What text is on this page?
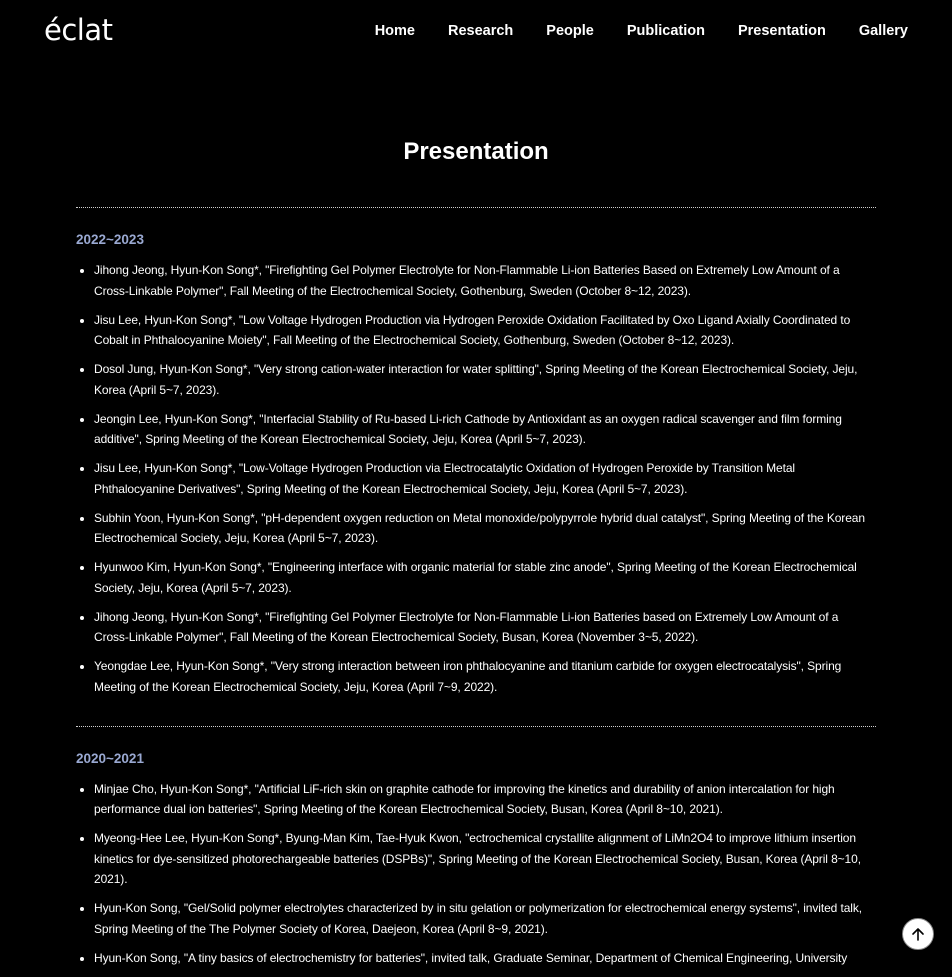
éclat	Home Research People Publication Presentation Gallery
Presentation
2022~2023
• Jihong Jeong, Hyun-Kon Song*, "Firefighting Gel Polymer Electrolyte for Non-Flammable Li-ion Batteries Based on Extremely Low Amount of a Cross-Linkable Polymer", Fall Meeting of the Electrochemical Society, Gothenburg, Sweden (October 8~12, 2023).
• Jisu Lee, Hyun-Kon Song*, "Low Voltage Hydrogen Production via Hydrogen Peroxide Oxidation Facilitated by Oxo Ligand Axially Coordinated to Cobalt in Phthalocyanine Moiety", Fall Meeting of the Electrochemical Society, Gothenburg, Sweden (October 8~12, 2023).
• Dosol Jung, Hyun-Kon Song*, "Very strong cation-water interaction for water splitting", Spring Meeting of the Korean Electrochemical Society, Jeju, Korea (April 5~7, 2023).
• Jeongin Lee, Hyun-Kon Song*, "Interfacial Stability of Ru-based Li-rich Cathode by Antioxidant as an oxygen radical scavenger and film forming additive", Spring Meeting of the Korean Electrochemical Society, Jeju, Korea (April 5~7, 2023).
• Jisu Lee, Hyun-Kon Song*, "Low-Voltage Hydrogen Production via Electrocatalytic Oxidation of Hydrogen Peroxide by Transition Metal Phthalocyanine Derivatives", Spring Meeting of the Korean Electrochemical Society, Jeju, Korea (April 5~7, 2023).
• Subhin Yoon, Hyun-Kon Song*, "pH-dependent oxygen reduction on Metal monoxide/polypyrrole hybrid dual catalyst", Spring Meeting of the Korean Electrochemical Society, Jeju, Korea (April 5~7, 2023).
• Hyunwoo Kim, Hyun-Kon Song*, "Engineering interface with organic material for stable zinc anode", Spring Meeting of the Korean Electrochemical Society, Jeju, Korea (April 5~7, 2023).
• Jihong Jeong, Hyun-Kon Song*, "Firefighting Gel Polymer Electrolyte for Non-Flammable Li-ion Batteries based on Extremely Low Amount of a Cross-Linkable Polymer", Fall Meeting of the Korean Electrochemical Society, Busan, Korea (November 3~5, 2022).
• Yeongdae Lee, Hyun-Kon Song*, "Very strong interaction between iron phthalocyanine and titanium carbide for oxygen electrocatalysis", Spring Meeting of the Korean Electrochemical Society, Jeju, Korea (April 7~9, 2022).
2020~2021
• Minjae Cho, Hyun-Kon Song*, "Artificial LiF-rich skin on graphite cathode for improving the kinetics and durability of anion intercalation for high performance dual ion batteries", Spring Meeting of the Korean Electrochemical Society, Busan, Korea (April 8~10, 2021).
• Myeong-Hee Lee, Hyun-Kon Song*, Byung-Man Kim, Tae-Hyuk Kwon, "ectrochemical crystallite alignment of LiMn2O4 to improve lithium insertion kinetics for dye-sensitized photorechargeable batteries (DSPBs)", Spring Meeting of the Korean Electrochemical Society, Busan, Korea (April 8~10, 2021).
• Hyun-Kon Song, "Gel/Solid polymer electrolytes characterized by in situ gelation or polymerization for electrochemical energy systems", invited talk, Spring Meeting of the The Polymer Society of Korea, Daejeon, Korea (April 8~9, 2021).
• Hyun-Kon Song, "A tiny basics of electrochemistry for batteries", invited talk, Graduate Seminar, Department of Chemical Engineering, University
